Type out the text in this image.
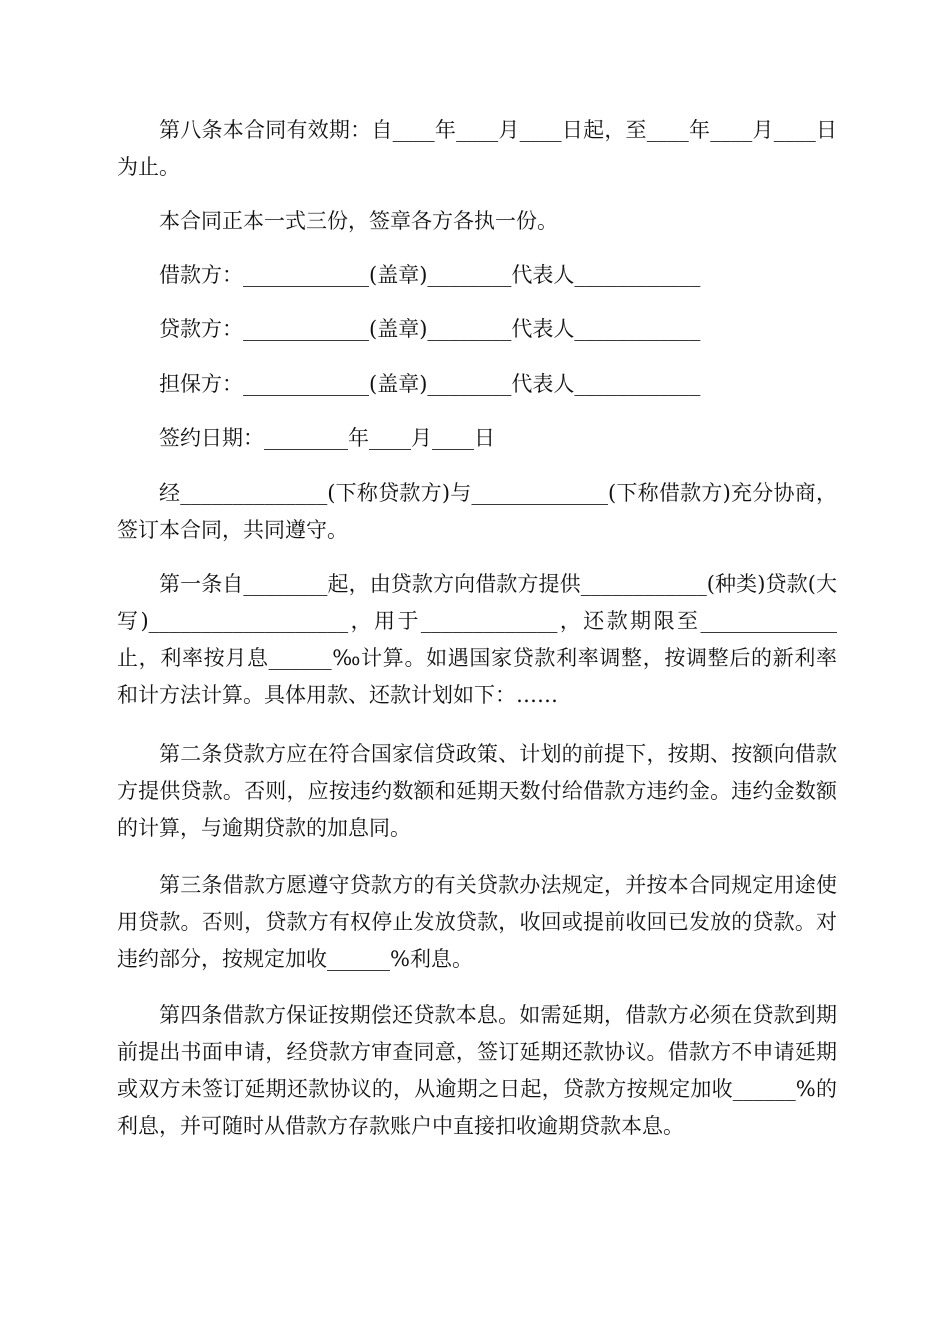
第八条本合同有效期：自____年____月____日起，至____年____月____日为止。

本合同正本一式三份，签章各方各执一份。

借款方：____________(盖章)________代表人____________

贷款方：____________(盖章)________代表人____________

担保方：____________(盖章)________代表人____________

签约日期：________年____月____日

经______________(下称贷款方)与_____________(下称借款方)充分协商，签订本合同，共同遵守。

第一条自________起，由贷款方向借款方提供____________(种类)贷款(大写)___________________，用于_____________，还款期限至_____________止，利率按月息______‰计算。如遇国家贷款利率调整，按调整后的新利率和计方法计算。具体用款、还款计划如下：……

第二条贷款方应在符合国家信贷政策、计划的前提下，按期、按额向借款方提供贷款。否则，应按违约数额和延期天数付给借款方违约金。违约金数额的计算，与逾期贷款的加息同。

第三条借款方愿遵守贷款方的有关贷款办法规定，并按本合同规定用途使用贷款。否则，贷款方有权停止发放贷款，收回或提前收回已发放的贷款。对违约部分，按规定加收______%利息。

第四条借款方保证按期偿还贷款本息。如需延期，借款方必须在贷款到期前提出书面申请，经贷款方审查同意，签订延期还款协议。借款方不申请延期或双方未签订延期还款协议的，从逾期之日起，贷款方按规定加收______%的利息，并可随时从借款方存款账户中直接扣收逾期贷款本息。
